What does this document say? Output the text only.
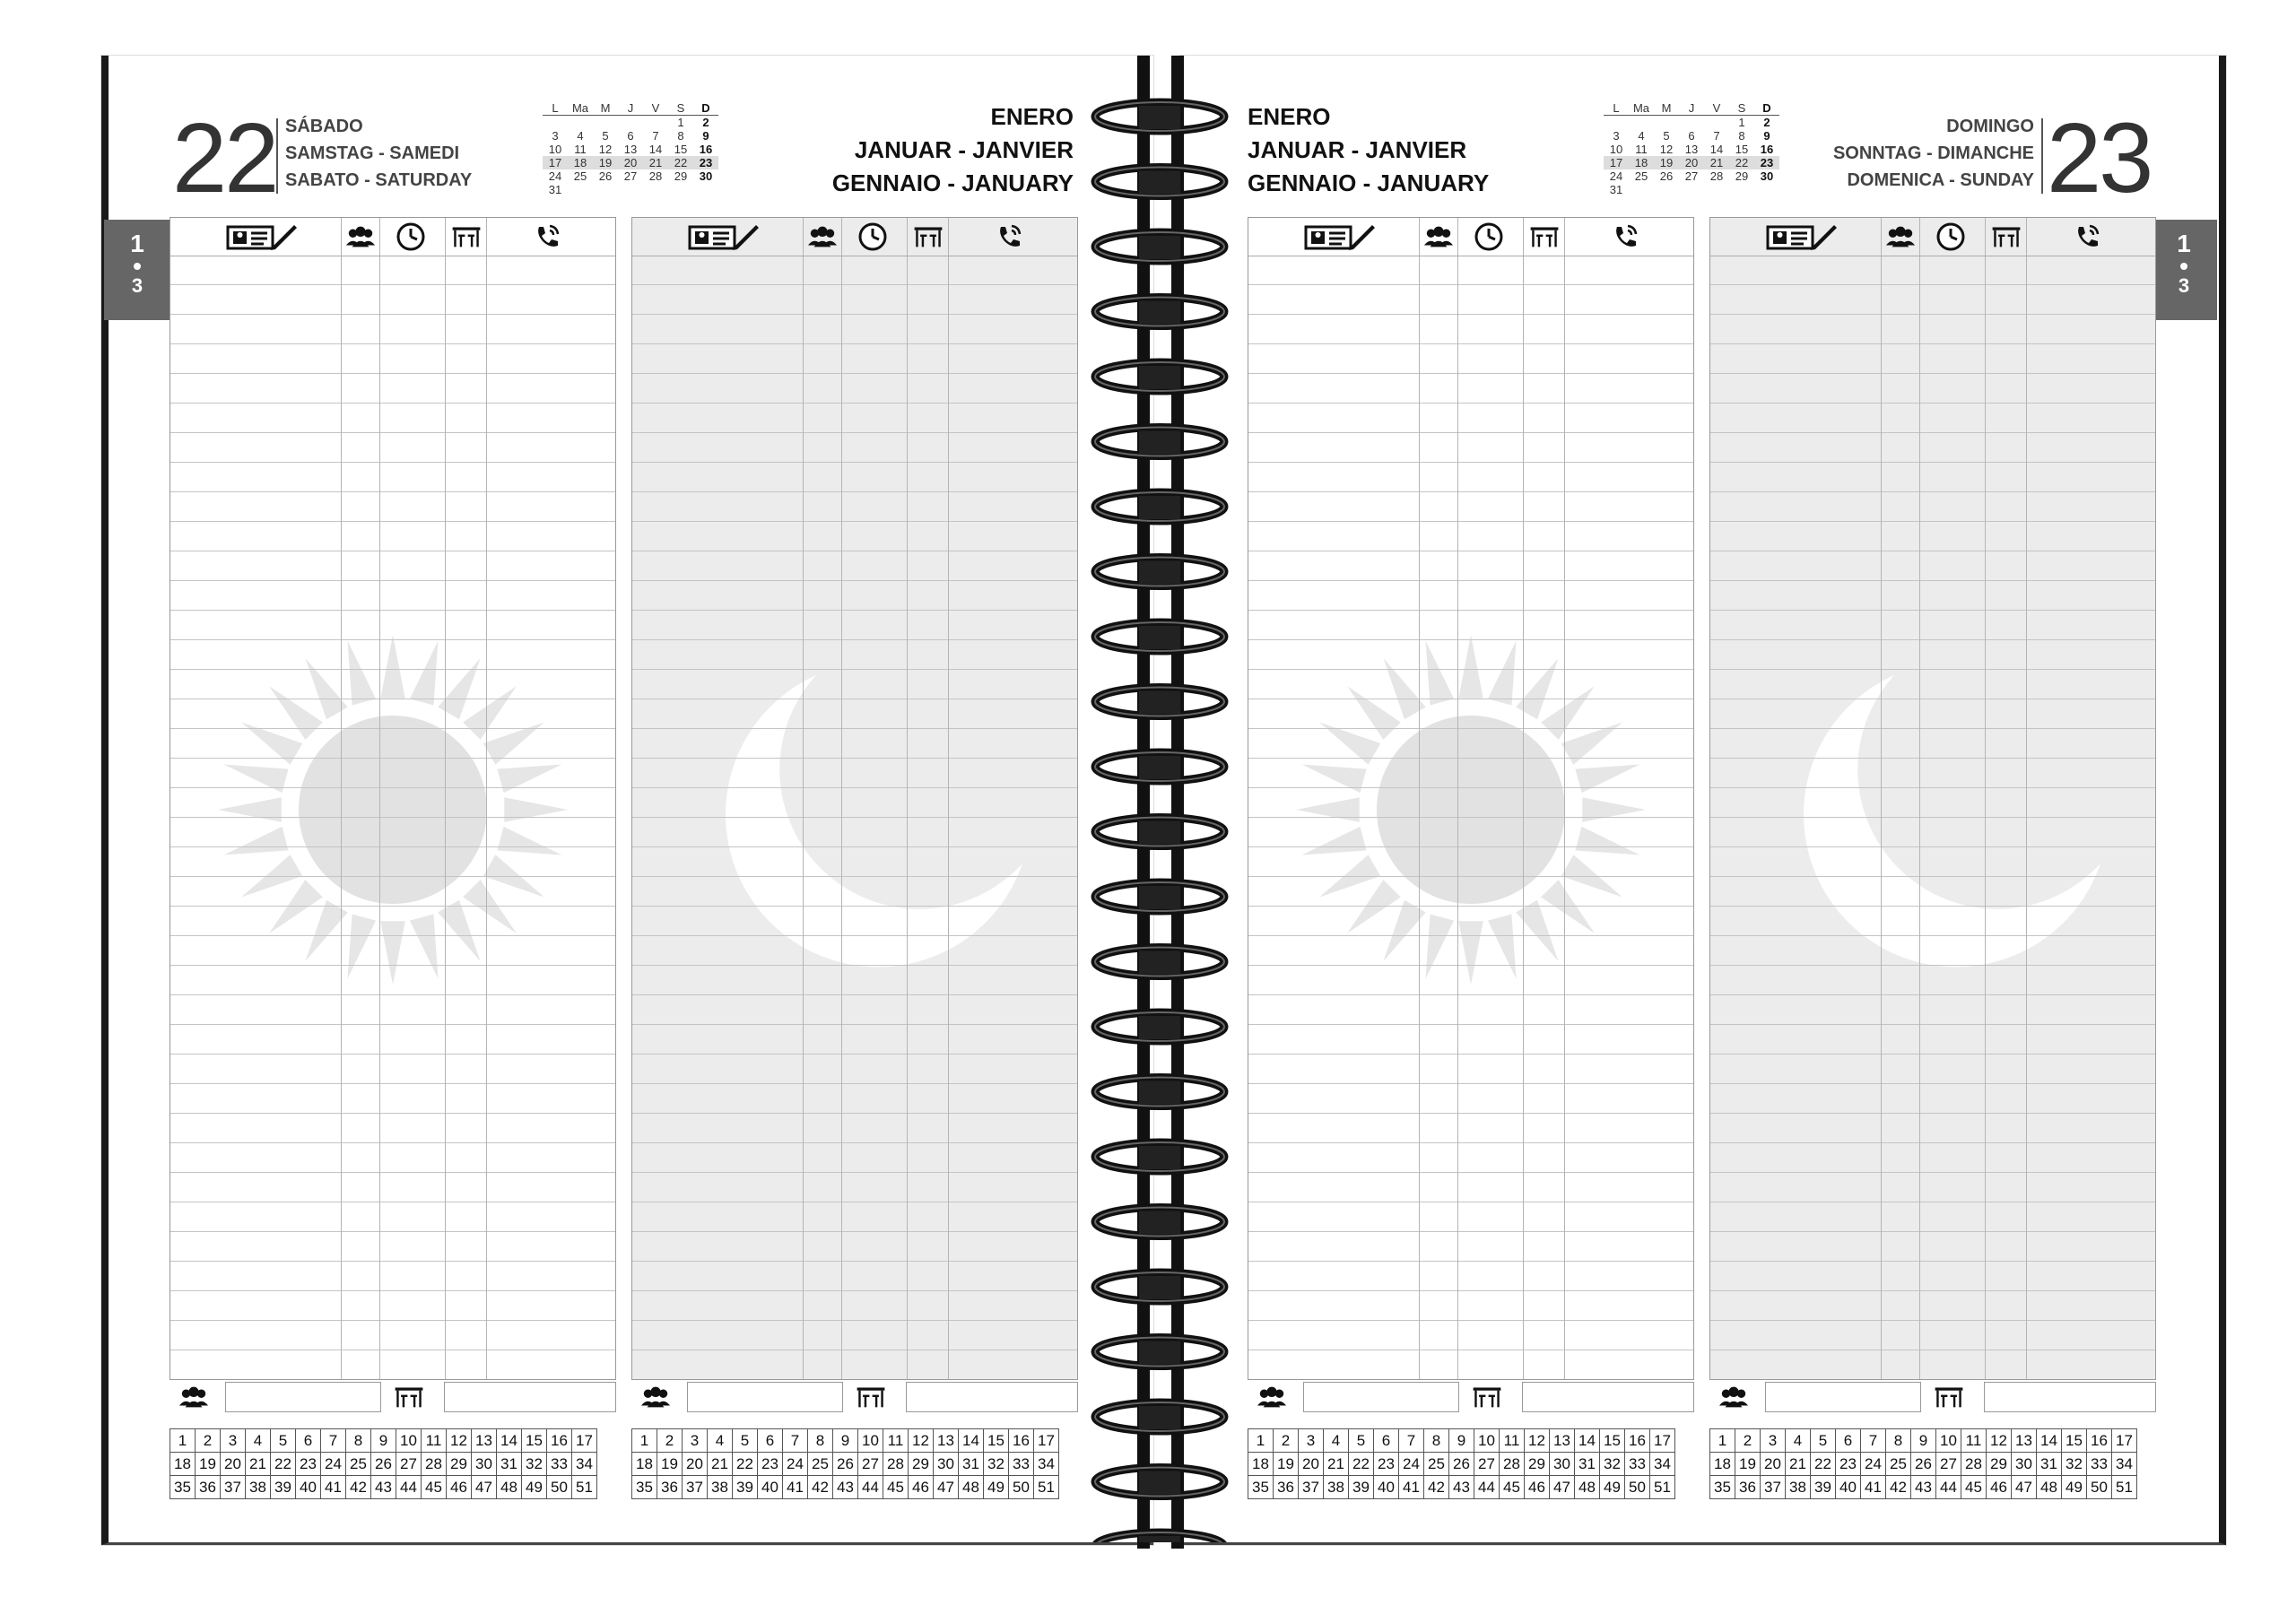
22 SÁBADO
SAMSTAG - SAMEDI
SABATO - SATURDAY
L	Ma	M	J	V	S	D
					1	2
3	4	5	6	7	8	9
10	11	12	13	14	15	16
17	18	19	20	21	22	23
24	25	26	27	28	29	30
31						
ENERO
JANUAR - JANVIER
GENNAIO - JANUARY
1
3
ENERO
JANUAR - JANVIER
GENNAIO - JANUARY
L	Ma	M	J	V	S	D
					1	2
3	4	5	6	7	8	9
10	11	12	13	14	15	16
17	18	19	20	21	22	23
24	25	26	27	28	29	30
31						
DOMINGO
SONNTAG - DIMANCHE
DOMENICA - SUNDAY 23
1
3
1	2	3	4	5	6	7	8	9	10	11	12	13	14	15	16	17
18	19	20	21	22	23	24	25	26	27	28	29	30	31	32	33	34
35	36	37	38	39	40	41	42	43	44	45	46	47	48	49	50	51
1	2	3	4	5	6	7	8	9	10	11	12	13	14	15	16	17
18	19	20	21	22	23	24	25	26	27	28	29	30	31	32	33	34
35	36	37	38	39	40	41	42	43	44	45	46	47	48	49	50	51
1	2	3	4	5	6	7	8	9	10	11	12	13	14	15	16	17
18	19	20	21	22	23	24	25	26	27	28	29	30	31	32	33	34
35	36	37	38	39	40	41	42	43	44	45	46	47	48	49	50	51
1	2	3	4	5	6	7	8	9	10	11	12	13	14	15	16	17
18	19	20	21	22	23	24	25	26	27	28	29	30	31	32	33	34
35	36	37	38	39	40	41	42	43	44	45	46	47	48	49	50	51
